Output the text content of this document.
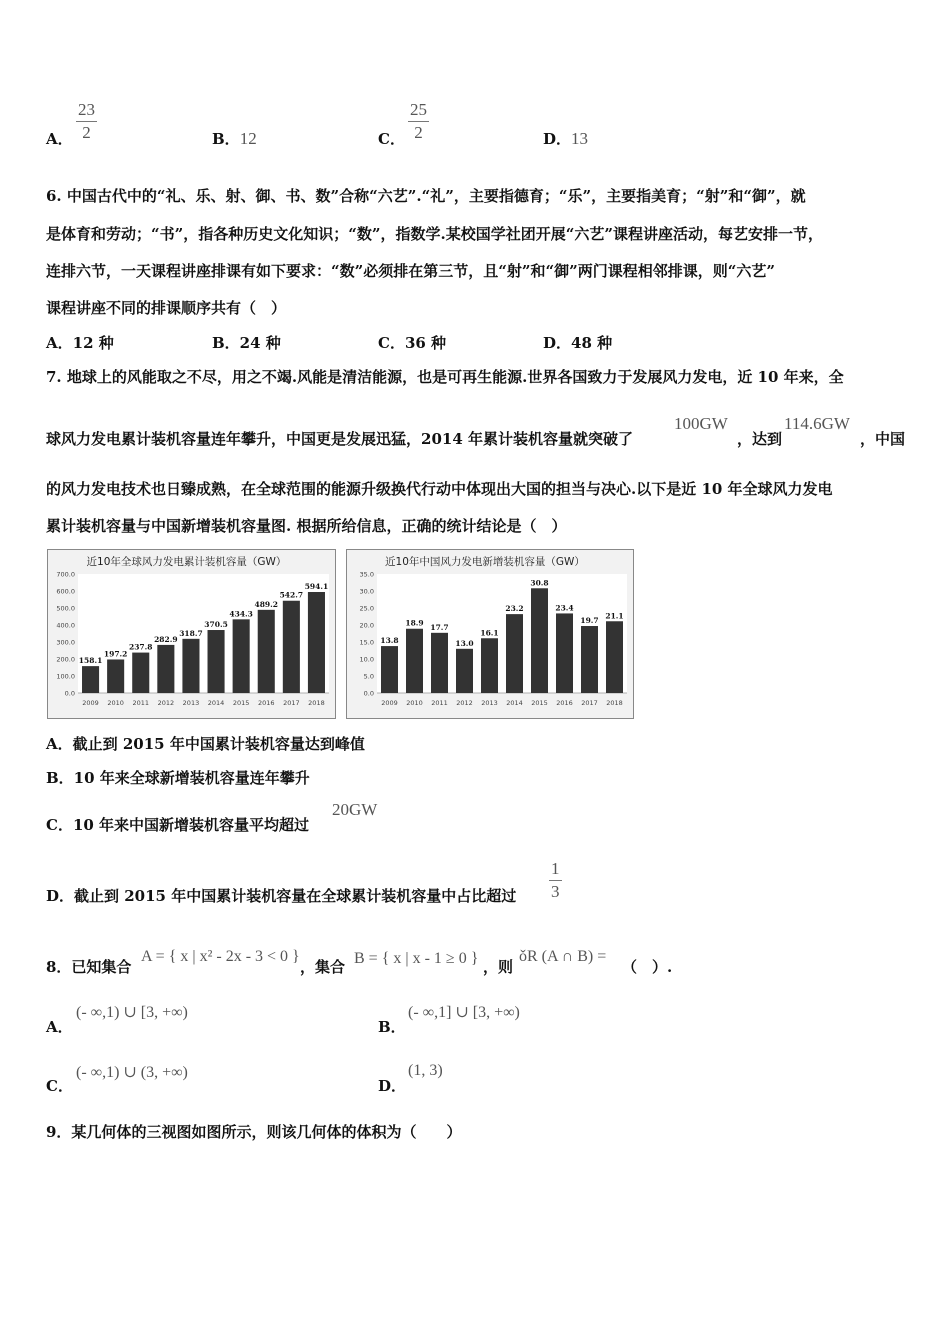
A． $\frac{23}{2}$	B．12	C． $\frac{25}{2}$	D．13
6. 中国古代中的“礼、乐、射、御、书、数”合称“六艺”.“礼”，主要指德育；“乐”，主要指美育；“射”和“御”，就
是体育和劳动；“书”，指各种历史文化知识；“数”，指数学.某校国学社团开展“六艺”课程讲座活动，每艺安排一节，
连排六节，一天课程讲座排课有如下要求：“数”必须排在第三节，且“射”和“御”两门课程相邻排课，则“六艺”
课程讲座不同的排课顺序共有（　）
A．12 种	B．24 种	C．36 种	D．48 种
7. 地球上的风能取之不尽，用之不竭.风能是清洁能源，也是可再生能源.世界各国致力于发展风力发电，近 10 年来，全
球风力发电累计装机容量连年攀升，中国更是发展迅猛，2014 年累计装机容量就突破了
100GW
，达到
114.6GW
，中国
的风力发电技术也日臻成熟，在全球范围的能源升级换代行动中体现出大国的担当与决心.以下是近 10 年全球风力发电
累计装机容量与中国新增装机容量图. 根据所给信息，正确的统计结论是（　）
近10年全球风力发电累计装机容量（GW）
0.0
100.0
200.0
300.0
400.0
500.0
600.0
700.0
158.1
2009
197.2
2010
237.8
2011
282.9
2012
318.7
2013
370.5
2014
434.3
2015
489.2
2016
542.7
2017
594.1
2018
近10年中国风力发电新增装机容量（GW）
0.0
5.0
10.0
15.0
20.0
25.0
30.0
35.0
13.8
2009
18.9
2010
17.7
2011
13.0
2012
16.1
2013
23.2
2014
30.8
2015
23.4
2016
19.7
2017
21.1
2018
A．截止到 2015 年中国累计装机容量达到峰值
B．10 年来全球新增装机容量连年攀升
C．10 年来中国新增装机容量平均超过
20GW
D．截止到 2015 年中国累计装机容量在全球累计装机容量中占比超过 $\frac{1}{3}$
8．已知集合
A = { x | x² - 2x - 3 < 0 }
，集合 B = { x | x - 1 ≥ 0 } ，则
ǒR (A ∩ B) =
（　）.
A．
(- ∞,1) ∪ [3, +∞)
B．
(- ∞,1] ∪ [3, +∞)
C．
(- ∞,1) ∪ (3, +∞)
D．
(1, 3)
9．某几何体的三视图如图所示，则该几何体的体积为（　　）
